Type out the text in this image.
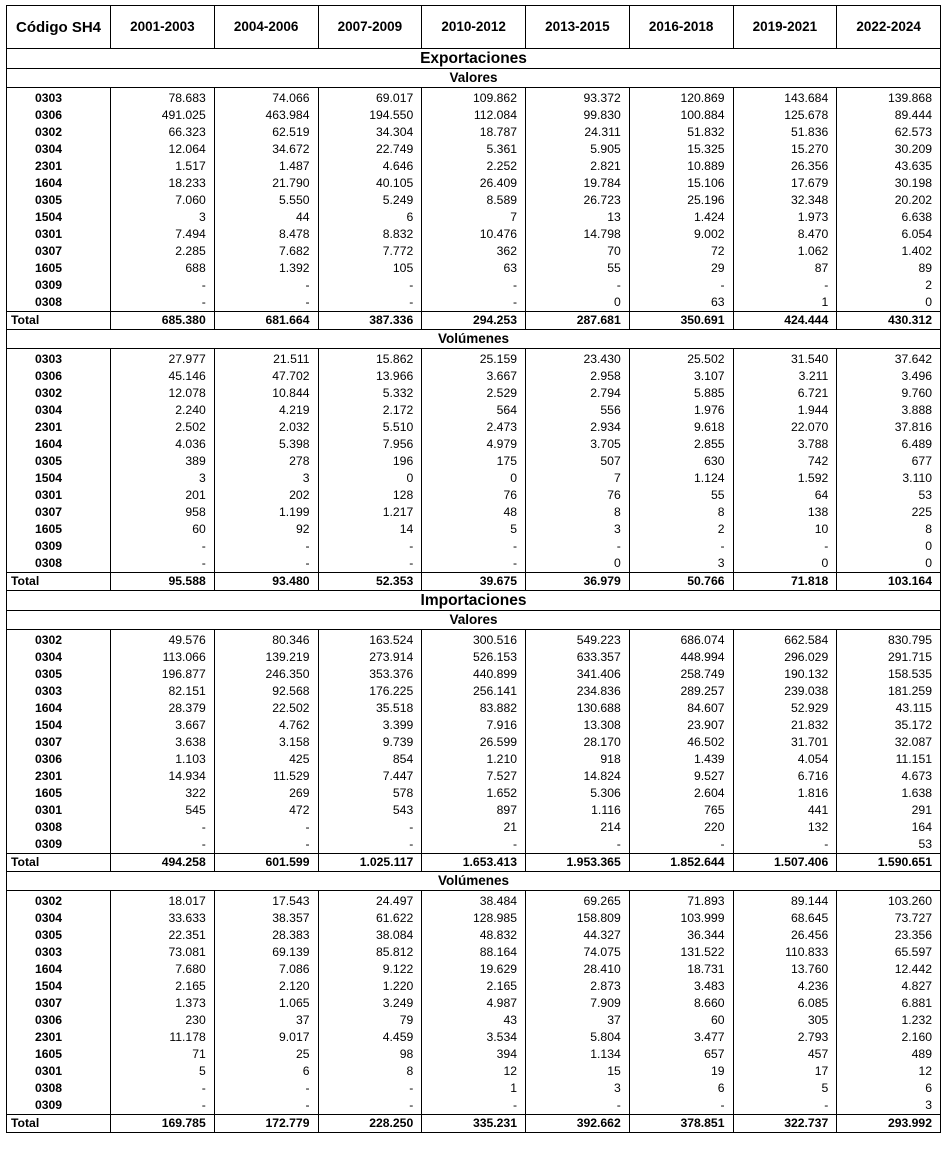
Código SH4	2001-2003	2004-2006	2007-2009	2010-2012	2013-2015	2016-2018	2019-2021	2022-2024
Exportaciones								
Valores								
0303	78.683	74.066	69.017	109.862	93.372	120.869	143.684	139.868
0306	491.025	463.984	194.550	112.084	99.830	100.884	125.678	89.444
0302	66.323	62.519	34.304	18.787	24.311	51.832	51.836	62.573
0304	12.064	34.672	22.749	5.361	5.905	15.325	15.270	30.209
2301	1.517	1.487	4.646	2.252	2.821	10.889	26.356	43.635
1604	18.233	21.790	40.105	26.409	19.784	15.106	17.679	30.198
0305	7.060	5.550	5.249	8.589	26.723	25.196	32.348	20.202
1504	3	44	6	7	13	1.424	1.973	6.638
0301	7.494	8.478	8.832	10.476	14.798	9.002	8.470	6.054
0307	2.285	7.682	7.772	362	70	72	1.062	1.402
1605	688	1.392	105	63	55	29	87	89
0309	-	-	-	-	-	-	-	2
0308	-	-	-	-	0	63	1	0
Total	685.380	681.664	387.336	294.253	287.681	350.691	424.444	430.312
Volúmenes								
0303	27.977	21.511	15.862	25.159	23.430	25.502	31.540	37.642
0306	45.146	47.702	13.966	3.667	2.958	3.107	3.211	3.496
0302	12.078	10.844	5.332	2.529	2.794	5.885	6.721	9.760
0304	2.240	4.219	2.172	564	556	1.976	1.944	3.888
2301	2.502	2.032	5.510	2.473	2.934	9.618	22.070	37.816
1604	4.036	5.398	7.956	4.979	3.705	2.855	3.788	6.489
0305	389	278	196	175	507	630	742	677
1504	3	3	0	0	7	1.124	1.592	3.110
0301	201	202	128	76	76	55	64	53
0307	958	1.199	1.217	48	8	8	138	225
1605	60	92	14	5	3	2	10	8
0309	-	-	-	-	-	-	-	0
0308	-	-	-	-	0	3	0	0
Total	95.588	93.480	52.353	39.675	36.979	50.766	71.818	103.164
Importaciones								
Valores								
0302	49.576	80.346	163.524	300.516	549.223	686.074	662.584	830.795
0304	113.066	139.219	273.914	526.153	633.357	448.994	296.029	291.715
0305	196.877	246.350	353.376	440.899	341.406	258.749	190.132	158.535
0303	82.151	92.568	176.225	256.141	234.836	289.257	239.038	181.259
1604	28.379	22.502	35.518	83.882	130.688	84.607	52.929	43.115
1504	3.667	4.762	3.399	7.916	13.308	23.907	21.832	35.172
0307	3.638	3.158	9.739	26.599	28.170	46.502	31.701	32.087
0306	1.103	425	854	1.210	918	1.439	4.054	11.151
2301	14.934	11.529	7.447	7.527	14.824	9.527	6.716	4.673
1605	322	269	578	1.652	5.306	2.604	1.816	1.638
0301	545	472	543	897	1.116	765	441	291
0308	-	-	-	21	214	220	132	164
0309	-	-	-	-	-	-	-	53
Total	494.258	601.599	1.025.117	1.653.413	1.953.365	1.852.644	1.507.406	1.590.651
Volúmenes								
0302	18.017	17.543	24.497	38.484	69.265	71.893	89.144	103.260
0304	33.633	38.357	61.622	128.985	158.809	103.999	68.645	73.727
0305	22.351	28.383	38.084	48.832	44.327	36.344	26.456	23.356
0303	73.081	69.139	85.812	88.164	74.075	131.522	110.833	65.597
1604	7.680	7.086	9.122	19.629	28.410	18.731	13.760	12.442
1504	2.165	2.120	1.220	2.165	2.873	3.483	4.236	4.827
0307	1.373	1.065	3.249	4.987	7.909	8.660	6.085	6.881
0306	230	37	79	43	37	60	305	1.232
2301	11.178	9.017	4.459	3.534	5.804	3.477	2.793	2.160
1605	71	25	98	394	1.134	657	457	489
0301	5	6	8	12	15	19	17	12
0308	-	-	-	1	3	6	5	6
0309	-	-	-	-	-	-	-	3
Total	169.785	172.779	228.250	335.231	392.662	378.851	322.737	293.992
